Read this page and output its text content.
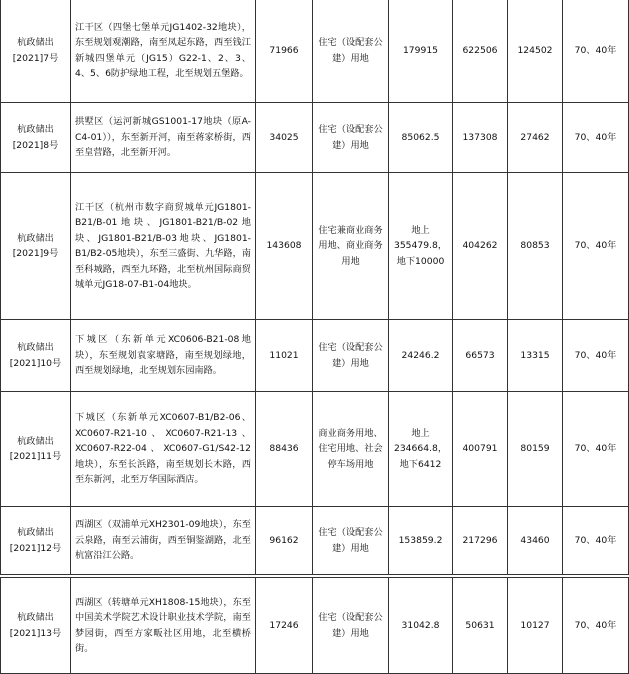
杭政储出[2021]7号	江干区（四堡七堡单元JG1402-32地块），东至规划观潮路，南至凤起东路，西至钱江新城四堡单元（JG15）G22-1、2、3、4、5、6防护绿地工程，北至规划五堡路。	71966	住宅（设配套公建）用地	179915	622506	124502	70、40年
杭政储出[2021]8号	拱墅区（运河新城GS1001-17地块（原A-C4-01）），东至新开河，南至蒋家桥街，西至皇营路，北至新开河。	34025	住宅（设配套公建）用地	85062.5	137308	27462	70、40年
杭政储出[2021]9号	江干区（杭州市数字商贸城单元JG1801-B21/B-01地块、JG1801-B21/B-02地块、JG1801-B21/B-03地块、JG1801-B1/B2-05地块），东至三盛街、九华路，南至科城路，西至九环路，北至杭州国际商贸城单元JG18-07-B1-04地块。	143608	住宅兼商业商务用地、商业商务用地	地上355479.8，地下10000	404262	80853	70、40年
杭政储出[2021]10号	下城区（东新单元XC0606-B21-08地块），东至规划袁家塘路，南至规划绿地，西至规划绿地，北至规划东园南路。	11021	住宅（设配套公建）用地	24246.2	66573	13315	70、40年
杭政储出[2021]11号	下城区（东新单元XC0607-B1/B2-06、XC0607-R21-10、XC0607-R21-13、XC0607-R22-04、XC0607-G1/S42-12地块），东至长浜路，南至规划长木路，西至东新河，北至万华国际酒店。	88436	商业商务用地、住宅用地、社会停车场用地	地上234664.8，地下6412	400791	80159	70、40年
杭政储出[2021]12号	西湖区（双浦单元XH2301-09地块），东至云泉路，南至云浦街，西至铜鉴湖路，北至杭富沿江公路。	96162	住宅（设配套公建）用地	153859.2	217296	43460	70、40年
杭政储出[2021]13号	西湖区（转塘单元XH1808-15地块），东至中国美术学院艺术设计职业技术学院，南至梦园街，西至方家畈社区用地，北至横桥街。	17246	住宅（设配套公建）用地	31042.8	50631	10127	70、40年
